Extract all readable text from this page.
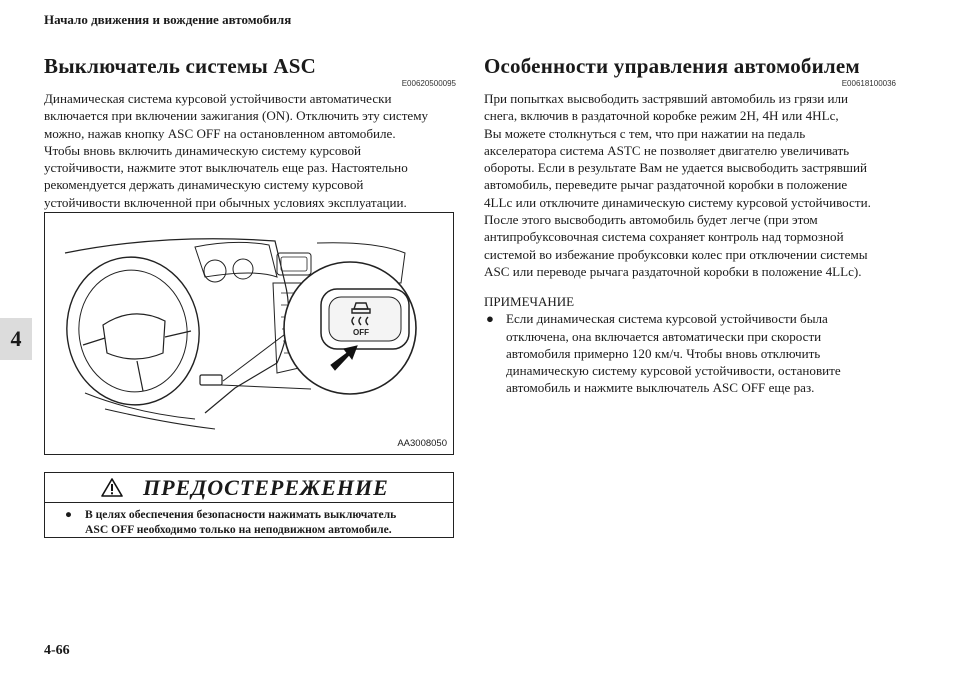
Начало движения и вождение автомобиля
4
Выключатель системы ASC
E00620500095
Динамическая система курсовой устойчивости автоматически
включается при включении зажигания (ON). Отключить эту систему
можно, нажав кнопку ASC OFF на остановленном автомобиле.
Чтобы вновь включить динамическую систему курсовой
устойчивости, нажмите этот выключатель еще раз. Настоятельно
рекомендуется держать динамическую систему курсовой
устойчивости включенной при обычных условиях эксплуатации.
OFF
AA3008050
ПРЕДОСТЕРЕЖЕНИЕ
●	В целях обеспечения безопасности нажимать выключатель
ASC OFF необходимо только на неподвижном автомобиле.
Особенности управления автомобилем
E00618100036
При попытках высвободить застрявший автомобиль из грязи или
снега, включив в раздаточной коробке режим 2H, 4H или 4HLc,
Вы можете столкнуться с тем, что при нажатии на педаль
акселератора система ASTC не позволяет двигателю увеличивать
обороты. Если в результате Вам не удается высвободить застрявший
автомобиль, переведите рычаг раздаточной коробки в положение
4LLc или отключите динамическую систему курсовой устойчивости.
После этого высвободить автомобиль будет легче (при этом
антипробуксовочная система сохраняет контроль над тормозной
системой во избежание пробуксовки колес при отключении системы
ASC или переводе рычага раздаточной коробки в положение 4LLc).
ПРИМЕЧАНИЕ
● Если динамическая система курсовой устойчивости была
отключена, она включается автоматически при скорости
автомобиля примерно 120 км/ч. Чтобы вновь отключить
динамическую систему курсовой устойчивости, остановите
автомобиль и нажмите выключатель ASC OFF еще раз.
4-66
